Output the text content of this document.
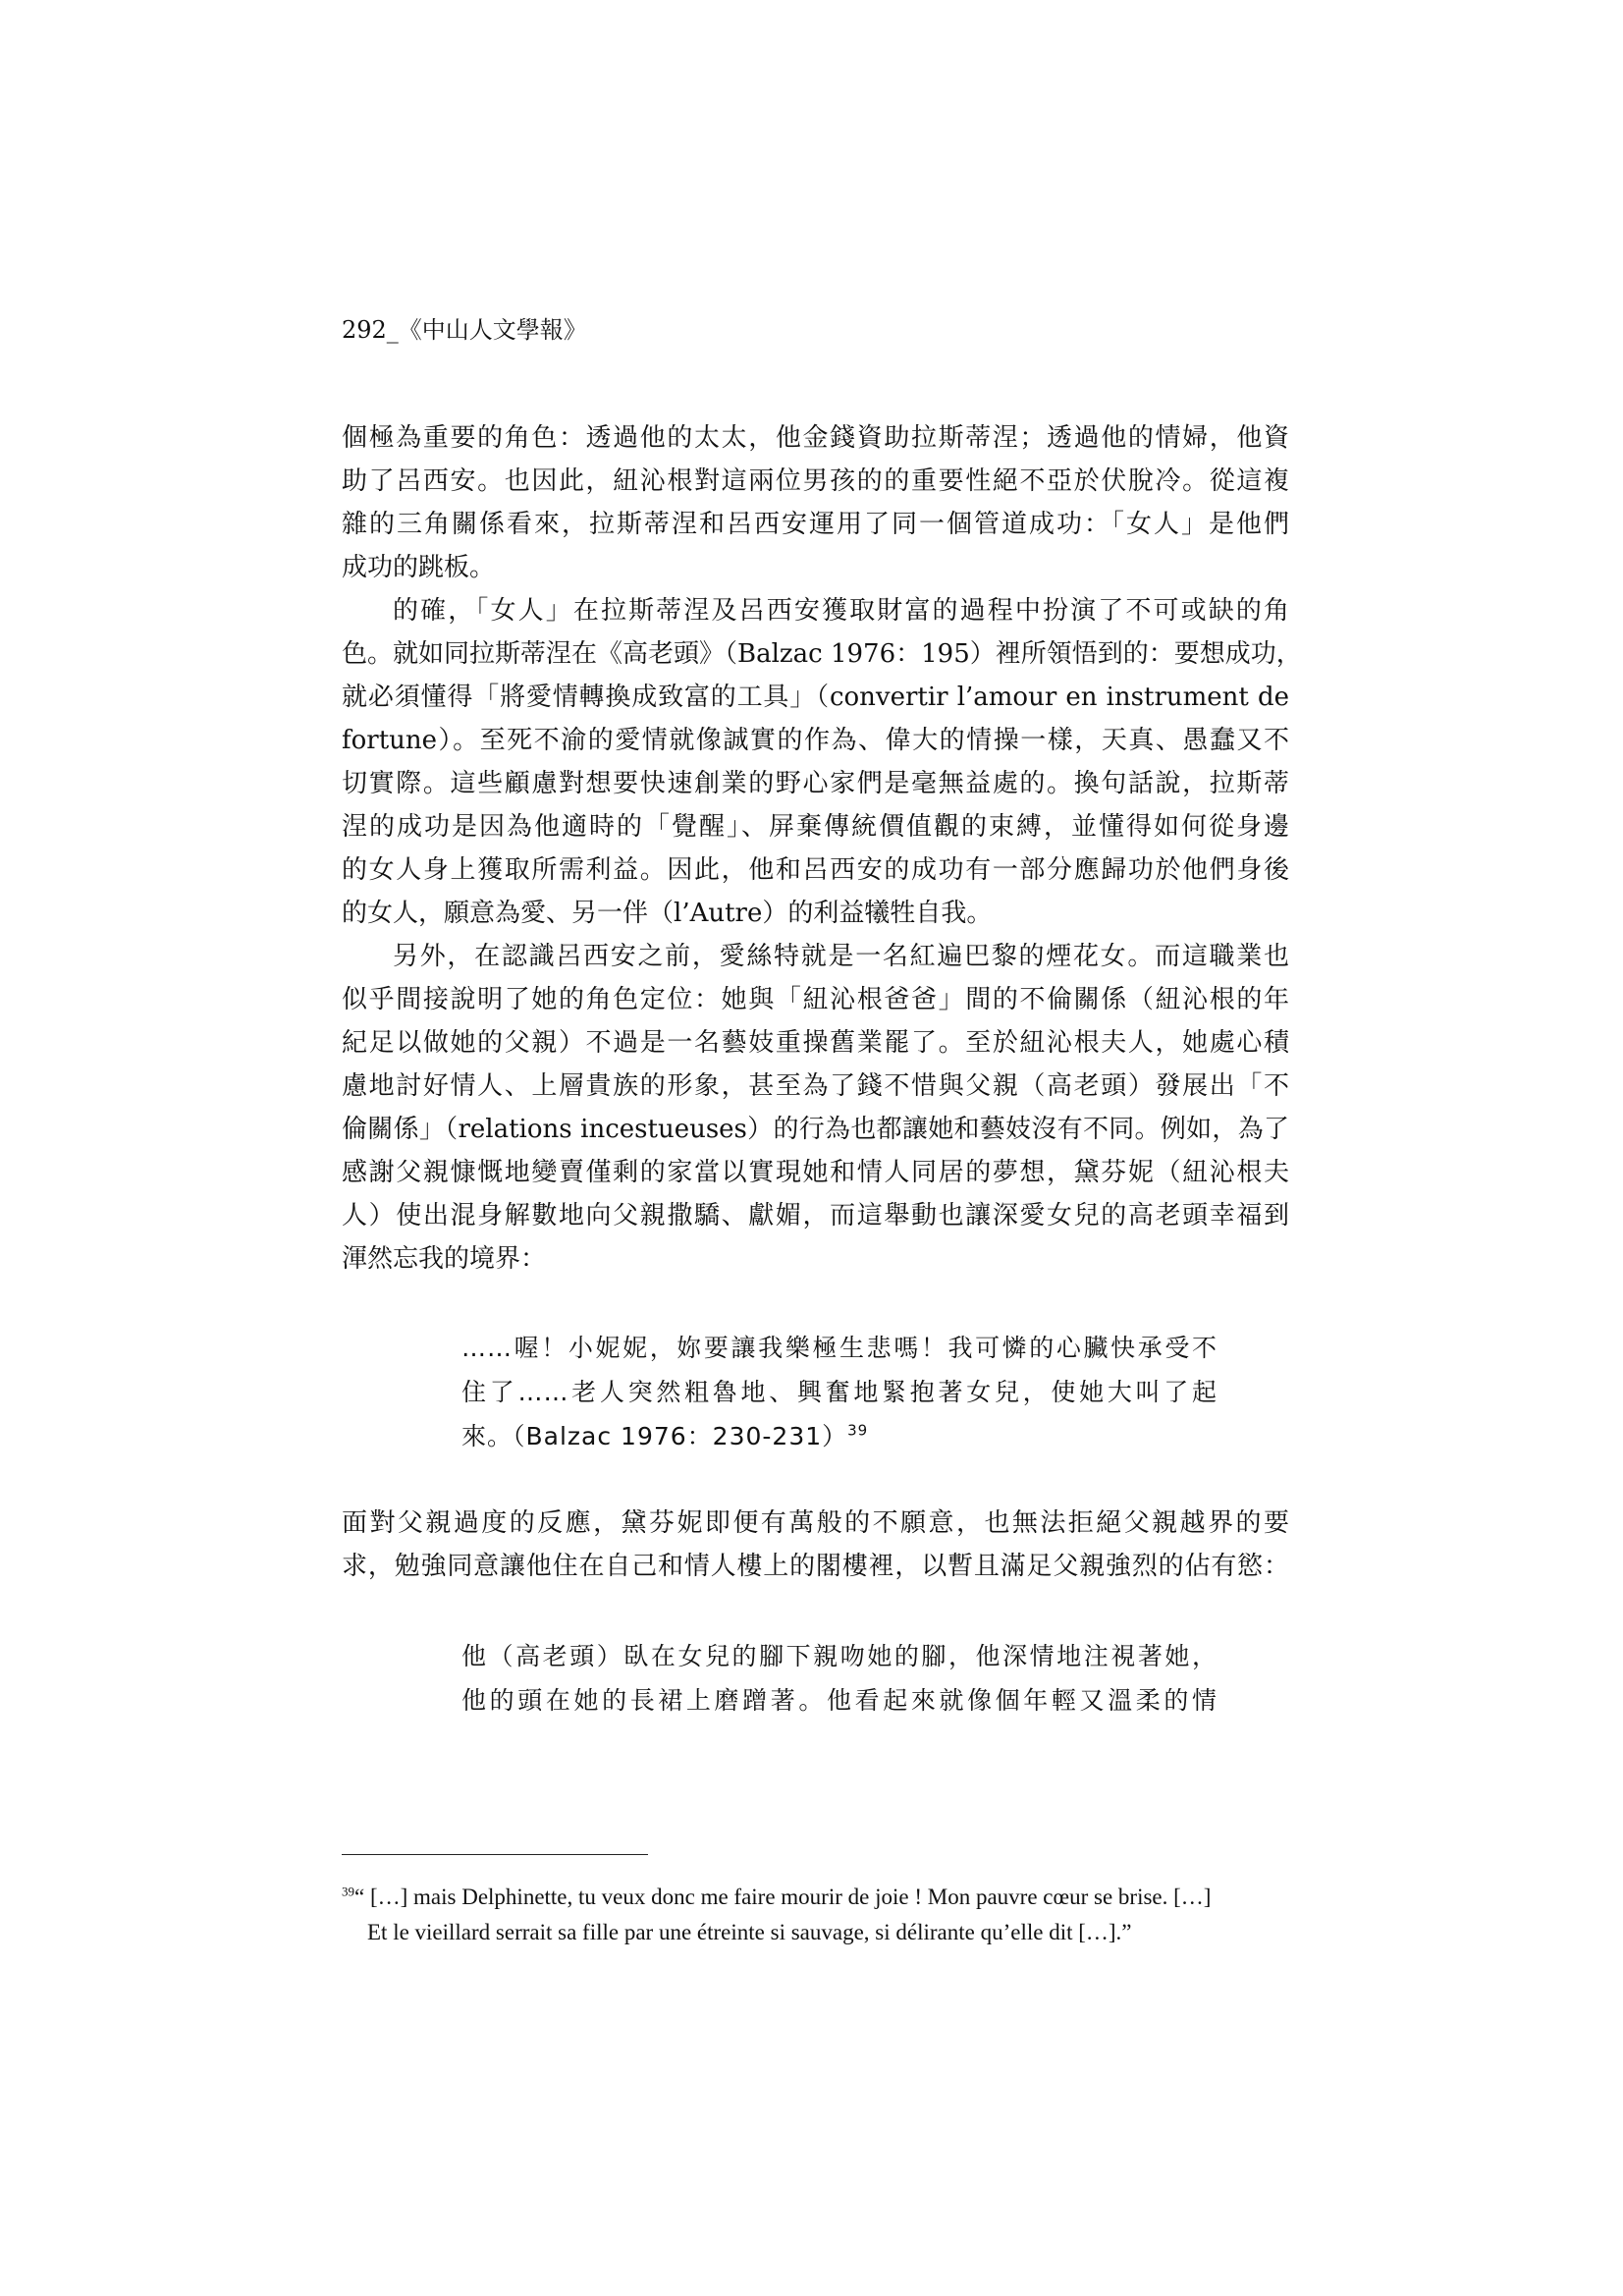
292_《中山人文學報》
個極為重要的角色：透過他的太太，他金錢資助拉斯蒂涅；透過他的情婦，他資
助了呂西安。也因此，紐沁根對這兩位男孩的的重要性絕不亞於伏脫冷。從這複
雜的三角關係看來，拉斯蒂涅和呂西安運用了同一個管道成功：「女人」是他們
成功的跳板。
的確，「女人」在拉斯蒂涅及呂西安獲取財富的過程中扮演了不可或缺的角
色。就如同拉斯蒂涅在《高老頭》（Balzac 1976：195）裡所領悟到的：要想成功，
就必須懂得「將愛情轉換成致富的工具」（convertir l’amour en instrument de
fortune）。至死不渝的愛情就像誠實的作為、偉大的情操一樣，天真、愚蠢又不
切實際。這些顧慮對想要快速創業的野心家們是毫無益處的。換句話說，拉斯蒂
涅的成功是因為他適時的「覺醒」、屏棄傳統價值觀的束縛，並懂得如何從身邊
的女人身上獲取所需利益。因此，他和呂西安的成功有一部分應歸功於他們身後
的女人，願意為愛、另一伴（l’Autre）的利益犧牲自我。
另外，在認識呂西安之前，愛絲特就是一名紅遍巴黎的煙花女。而這職業也
似乎間接說明了她的角色定位：她與「紐沁根爸爸」間的不倫關係（紐沁根的年
紀足以做她的父親）不過是一名藝妓重操舊業罷了。至於紐沁根夫人，她處心積
慮地討好情人、上層貴族的形象，甚至為了錢不惜與父親（高老頭）發展出「不
倫關係」（relations incestueuses）的行為也都讓她和藝妓沒有不同。例如，為了
感謝父親慷慨地變賣僅剩的家當以實現她和情人同居的夢想，黛芬妮（紐沁根夫
人）使出混身解數地向父親撒驕、獻媚，而這舉動也讓深愛女兒的高老頭幸福到
渾然忘我的境界：
……喔！小妮妮，妳要讓我樂極生悲嗎！我可憐的心臟快承受不
住了……老人突然粗魯地、興奮地緊抱著女兒，使她大叫了起
來。（Balzac 1976：230-231）$^{39}$
面對父親過度的反應，黛芬妮即便有萬般的不願意，也無法拒絕父親越界的要
求，勉強同意讓他住在自己和情人樓上的閣樓裡，以暫且滿足父親強烈的佔有慾：
他（高老頭）臥在女兒的腳下親吻她的腳，他深情地注視著她，
他的頭在她的長裙上磨蹭著。他看起來就像個年輕又溫柔的情
$^{39}$“ […] mais Delphinette, tu veux donc me faire mourir de joie ! Mon pauvre cœur se brise. […]
Et le vieillard serrait sa fille par une étreinte si sauvage, si délirante qu’elle dit […].”
